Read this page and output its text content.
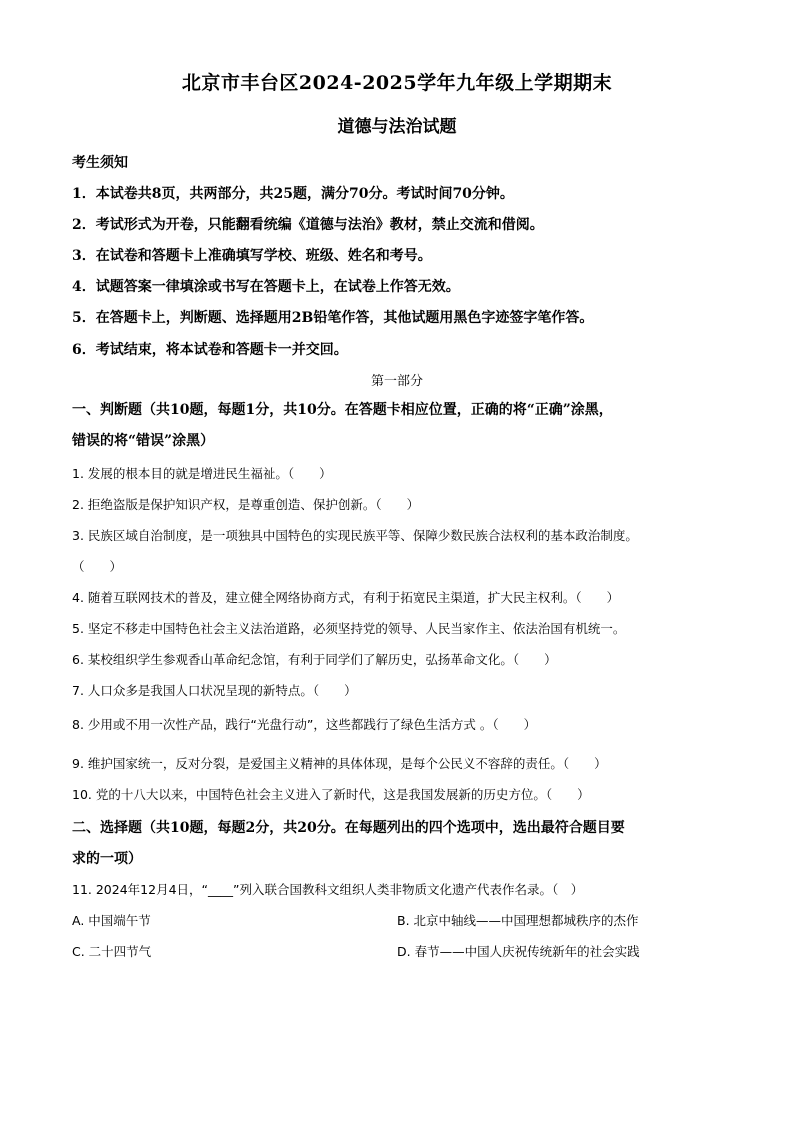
北京市丰台区2024-2025学年九年级上学期期末
道德与法治试题
考生须知
1．本试卷共8页，共两部分，共25题，满分70分。考试时间70分钟。
2．考试形式为开卷，只能翻看统编《道德与法治》教材，禁止交流和借阅。
3．在试卷和答题卡上准确填写学校、班级、姓名和考号。
4．试题答案一律填涂或书写在答题卡上，在试卷上作答无效。
5．在答题卡上，判断题、选择题用2B铅笔作答，其他试题用黑色字迹签字笔作答。
6．考试结束，将本试卷和答题卡一并交回。
第一部分
一、判断题（共10题，每题1分，共10分。在答题卡相应位置，正确的将“正确”涂黑，
错误的将“错误”涂黑）
1. 发展的根本目的就是增进民生福祉。（　　）
2. 拒绝盗版是保护知识产权，是尊重创造、保护创新。（　　）
3. 民族区域自治制度，是一项独具中国特色的实现民族平等、保障少数民族合法权利的基本政治制度。
（　　）
4. 随着互联网技术的普及，建立健全网络协商方式，有利于拓宽民主渠道，扩大民主权利。（　　）
5. 坚定不移走中国特色社会主义法治道路，必须坚持党的领导、人民当家作主、依法治国有机统一。
6. 某校组织学生参观香山革命纪念馆，有利于同学们了解历史，弘扬革命文化。（　　）
7. 人口众多是我国人口状况呈现的新特点。（　　）
8. 少用或不用一次性产品，践行“光盘行动”，这些都践行了绿色生活方式 。（　　）
9. 维护国家统一，反对分裂，是爱国主义精神的具体体现，是每个公民义不容辞的责任。（　　）
10. 党的十八大以来，中国特色社会主义进入了新时代，这是我国发展新的历史方位。（　　）
二、选择题（共10题，每题2分，共20分。在每题列出的四个选项中，选出最符合题目要
求的一项）
11. 2024年12月4日，“____”列入联合国教科文组织人类非物质文化遗产代表作名录。（　）
A. 中国端午节	B. 北京中轴线——中国理想都城秩序的杰作
C. 二十四节气	D. 春节——中国人庆祝传统新年的社会实践
